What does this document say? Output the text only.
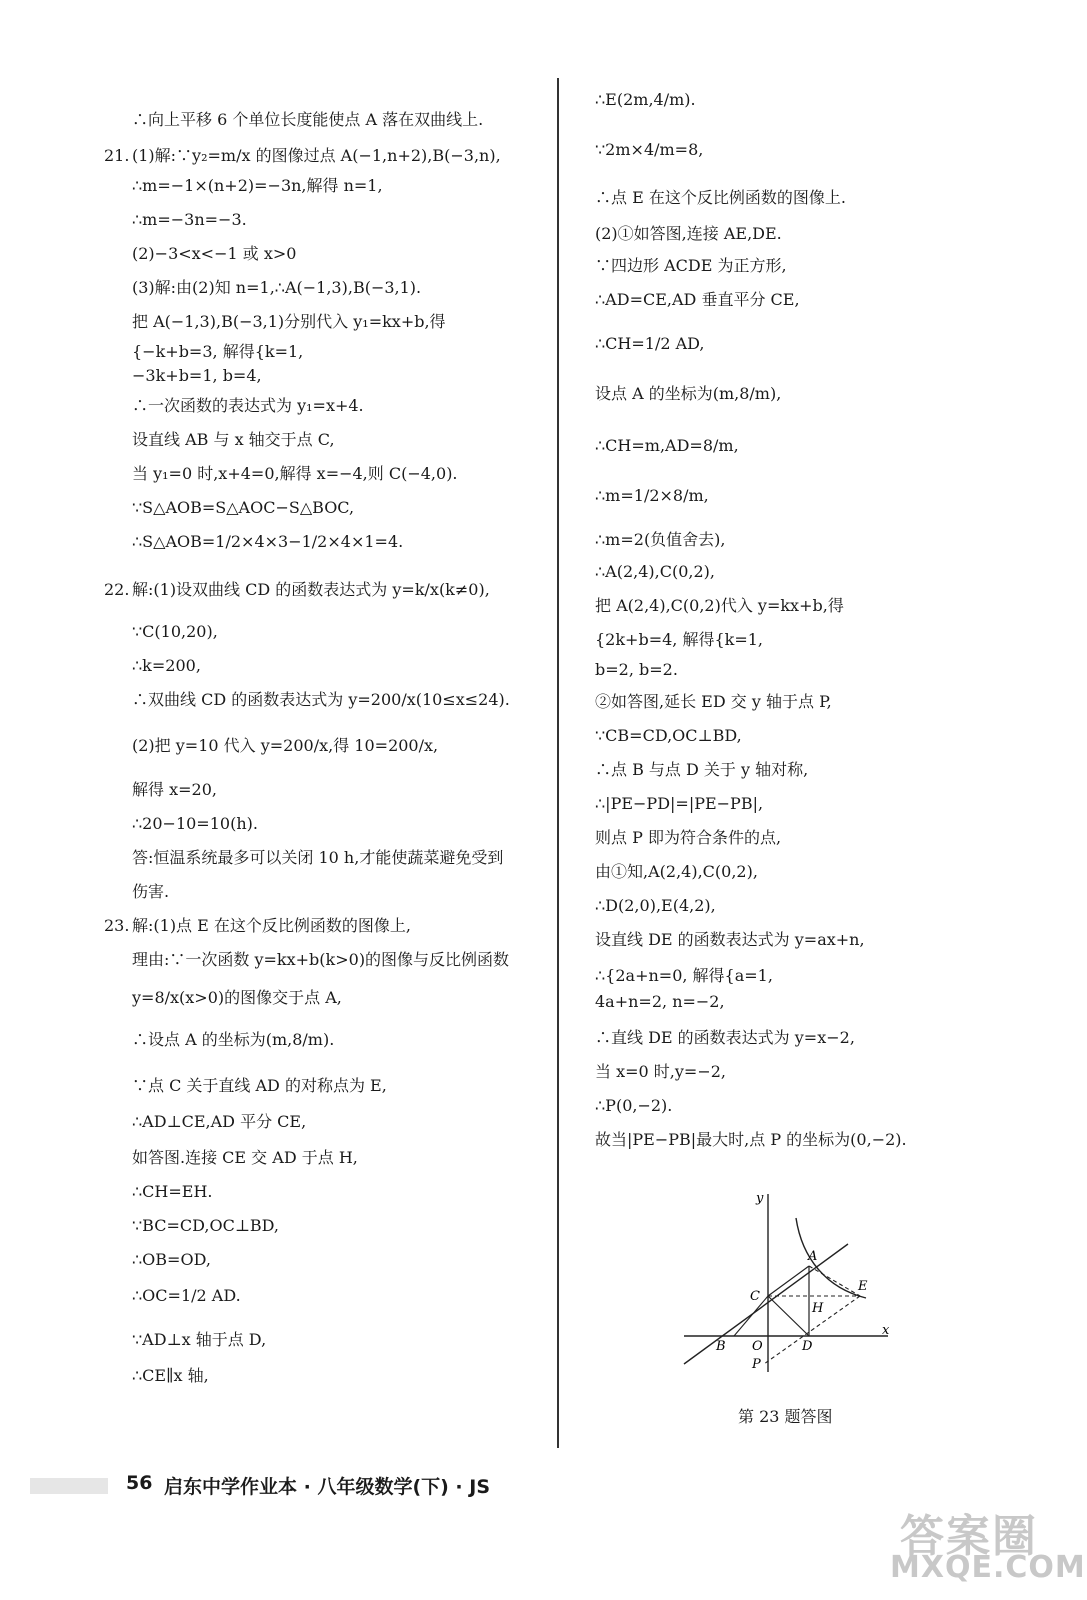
∴向上平移 6 个单位长度能使点 A 落在双曲线上.
21. (1)解:∵y₂=m/x 的图像过点 A(−1,n+2),B(−3,n),
∴m=−1×(n+2)=−3n,解得 n=1,
∴m=−3n=−3.
(2)−3<x<−1 或 x>0
(3)解:由(2)知 n=1,∴A(−1,3),B(−3,1).
把 A(−1,3),B(−3,1)分别代入 y₁=kx+b,得
{−k+b=3, 解得{k=1,
−3k+b=1, b=4,
∴一次函数的表达式为 y₁=x+4.
设直线 AB 与 x 轴交于点 C,
当 y₁=0 时,x+4=0,解得 x=−4,则 C(−4,0).
∵S△AOB=S△AOC−S△BOC,
∴S△AOB=1/2×4×3−1/2×4×1=4.
22. 解:(1)设双曲线 CD 的函数表达式为 y=k/x(k≠0),
∵C(10,20),
∴k=200,
∴双曲线 CD 的函数表达式为 y=200/x(10≤x≤24).
(2)把 y=10 代入 y=200/x,得 10=200/x,
解得 x=20,
∴20−10=10(h).
答:恒温系统最多可以关闭 10 h,才能使蔬菜避免受到
伤害.
23. 解:(1)点 E 在这个反比例函数的图像上,
理由:∵一次函数 y=kx+b(k>0)的图像与反比例函数
y=8/x(x>0)的图像交于点 A,
∴设点 A 的坐标为(m,8/m).
∵点 C 关于直线 AD 的对称点为 E,
∴AD⊥CE,AD 平分 CE,
如答图.连接 CE 交 AD 于点 H,
∴CH=EH.
∵BC=CD,OC⊥BD,
∴OB=OD,
∴OC=1/2 AD.
∵AD⊥x 轴于点 D,
∴CE∥x 轴,
∴E(2m,4/m).
∵2m×4/m=8,
∴点 E 在这个反比例函数的图像上.
(2)①如答图,连接 AE,DE.
∵四边形 ACDE 为正方形,
∴AD=CE,AD 垂直平分 CE,
∴CH=1/2 AD,
设点 A 的坐标为(m,8/m),
∴CH=m,AD=8/m,
∴m=1/2×8/m,
∴m=2(负值舍去),
∴A(2,4),C(0,2),
把 A(2,4),C(0,2)代入 y=kx+b,得
{2k+b=4, 解得{k=1,
b=2, b=2.
②如答图,延长 ED 交 y 轴于点 P,
∵CB=CD,OC⊥BD,
∴点 B 与点 D 关于 y 轴对称,
∴|PE−PD|=|PE−PB|,
则点 P 即为符合条件的点,
由①知,A(2,4),C(0,2),
∴D(2,0),E(4,2),
设直线 DE 的函数表达式为 y=ax+n,
∴{2a+n=0, 解得{a=1,
4a+n=2, n=−2,
∴直线 DE 的函数表达式为 y=x−2,
当 x=0 时,y=−2,
∴P(0,−2).
故当|PE−PB|最大时,点 P 的坐标为(0,−2).
y
x
A
C
E
H
B O	D
P
第 23 题答图
56 启东中学作业本 · 八年级数学(下) · JS
答案圈
MXQE.COM
